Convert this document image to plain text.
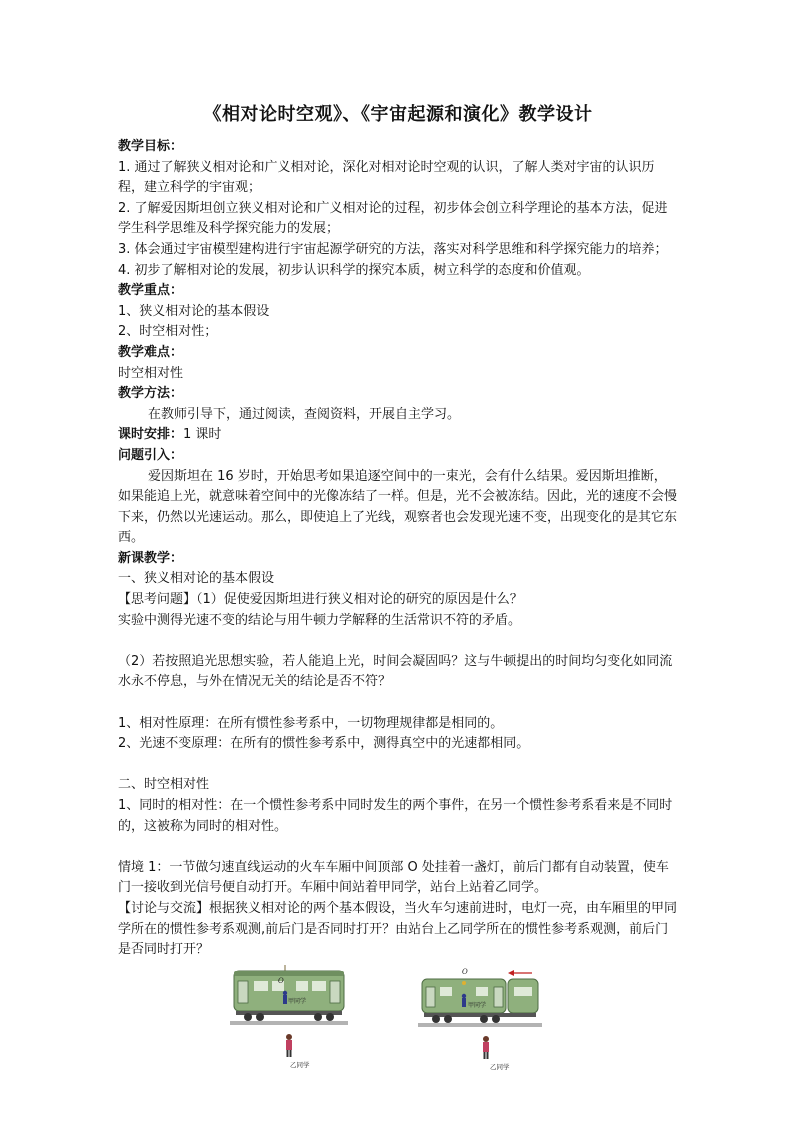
《相对论时空观》、《宇宙起源和演化》教学设计
教学目标：
1. 通过了解狭义相对论和广义相对论，深化对相对论时空观的认识，了解人类对宇宙的认识历程，建立科学的宇宙观；
2. 了解爱因斯坦创立狭义相对论和广义相对论的过程，初步体会创立科学理论的基本方法，促进学生科学思维及科学探究能力的发展；
3. 体会通过宇宙模型建构进行宇宙起源学研究的方法，落实对科学思维和科学探究能力的培养；
4. 初步了解相对论的发展，初步认识科学的探究本质，树立科学的态度和价值观。
教学重点：
1、狭义相对论的基本假设
2、时空相对性；
教学难点：
时空相对性
教学方法：
在教师引导下，通过阅读，查阅资料，开展自主学习。
课时安排：1 课时
问题引入：
爱因斯坦在 16 岁时，开始思考如果追逐空间中的一束光，会有什么结果。爱因斯坦推断，如果能追上光，就意味着空间中的光像冻结了一样。但是，光不会被冻结。因此，光的速度不会慢下来，仍然以光速运动。那么，即使追上了光线，观察者也会发现光速不变，出现变化的是其它东西。
新课教学：
一、狭义相对论的基本假设
【思考问题】（1）促使爱因斯坦进行狭义相对论的研究的原因是什么？
实验中测得光速不变的结论与用牛顿力学解释的生活常识不符的矛盾。
（2）若按照追光思想实验，若人能追上光，时间会凝固吗？这与牛顿提出的时间均匀变化如同流水永不停息，与外在情况无关的结论是否不符？
1、相对性原理：在所有惯性参考系中，一切物理规律都是相同的。
2、光速不变原理：在所有的惯性参考系中，测得真空中的光速都相同。
二、时空相对性
1、同时的相对性：在一个惯性参考系中同时发生的两个事件，在另一个惯性参考系看来是不同时的，这被称为同时的相对性。
情境 1：一节做匀速直线运动的火车车厢中间顶部 O 处挂着一盏灯，前后门都有自动装置，使车门一接收到光信号便自动打开。车厢中间站着甲同学，站台上站着乙同学。
【讨论与交流】根据狭义相对论的两个基本假设，当火车匀速前进时，电灯一亮，由车厢里的甲同学所在的惯性参考系观测,前后门是否同时打开？由站台上乙同学所在的惯性参考系观测，前后门是否同时打开？
O
甲同学
乙同学
O
甲同学
乙同学
